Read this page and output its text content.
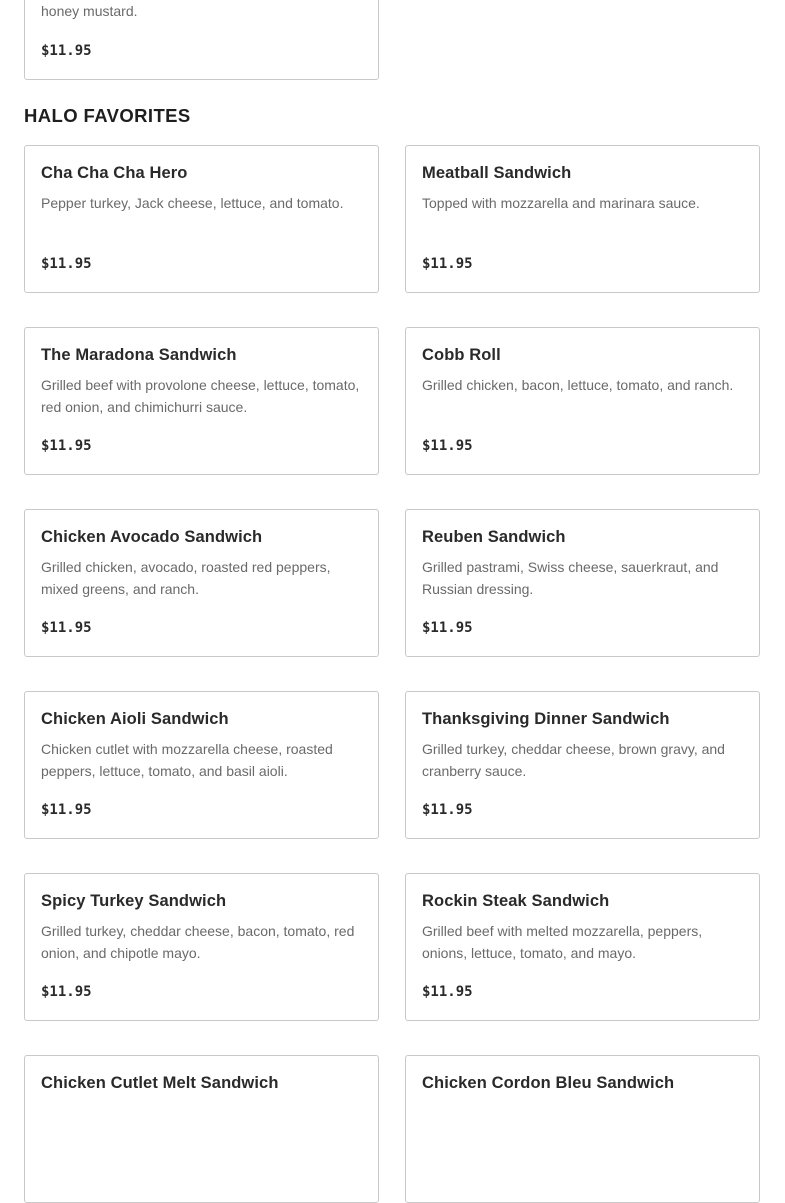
honey mustard.
$11.95
HALO FAVORITES
Cha Cha Cha Hero
Pepper turkey, Jack cheese, lettuce, and tomato.
$11.95
Meatball Sandwich
Topped with mozzarella and marinara sauce.
$11.95
The Maradona Sandwich
Grilled beef with provolone cheese, lettuce, tomato, red onion, and chimichurri sauce.
$11.95
Cobb Roll
Grilled chicken, bacon, lettuce, tomato, and ranch.
$11.95
Chicken Avocado Sandwich
Grilled chicken, avocado, roasted red peppers, mixed greens, and ranch.
$11.95
Reuben Sandwich
Grilled pastrami, Swiss cheese, sauerkraut, and Russian dressing.
$11.95
Chicken Aioli Sandwich
Chicken cutlet with mozzarella cheese, roasted peppers, lettuce, tomato, and basil aioli.
$11.95
Thanksgiving Dinner Sandwich
Grilled turkey, cheddar cheese, brown gravy, and cranberry sauce.
$11.95
Spicy Turkey Sandwich
Grilled turkey, cheddar cheese, bacon, tomato, red onion, and chipotle mayo.
$11.95
Rockin Steak Sandwich
Grilled beef with melted mozzarella, peppers, onions, lettuce, tomato, and mayo.
$11.95
Chicken Cutlet Melt Sandwich	Chicken Cordon Bleu Sandwich
